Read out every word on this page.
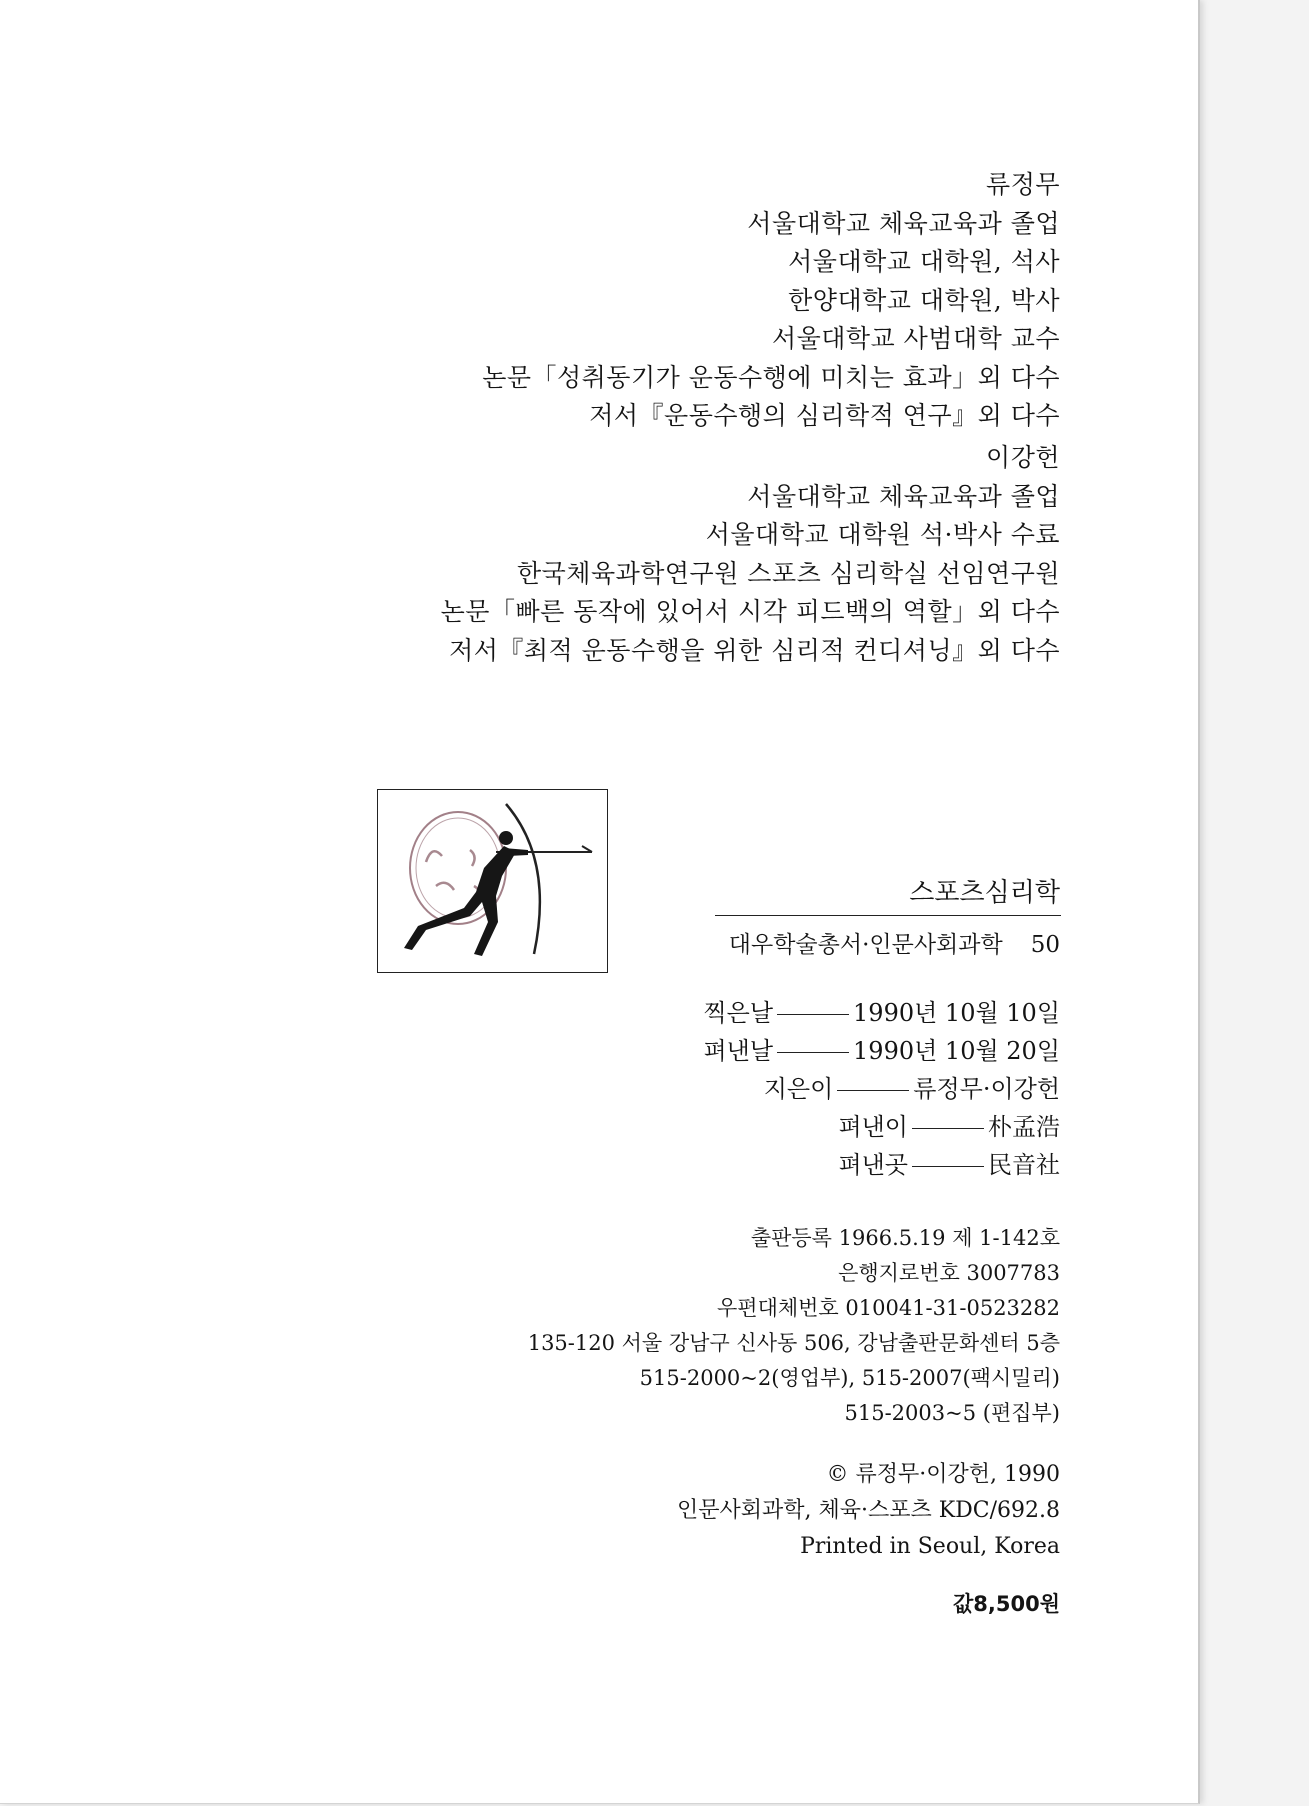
류정무
서울대학교 체육교육과 졸업
서울대학교 대학원, 석사
한양대학교 대학원, 박사
서울대학교 사범대학 교수
논문「성취동기가 운동수행에 미치는 효과」외 다수
저서『운동수행의 심리학적 연구』외 다수
이강헌
서울대학교 체육교육과 졸업
서울대학교 대학원 석·박사 수료
한국체육과학연구원 스포츠 심리학실 선임연구원
논문「빠른 동작에 있어서 시각 피드백의 역할」외 다수
저서『최적 운동수행을 위한 심리적 컨디셔닝』외 다수
스포츠심리학
대우학술총서·인문사회과학 50
찍은날	1990년 10월 10일
펴낸날	1990년 10월 20일
지은이	류정무·이강헌
펴낸이	朴孟浩
펴낸곳	民音社
출판등록 1966.5.19 제 1-142호
은행지로번호 3007783
우편대체번호 010041-31-0523282
135-120 서울 강남구 신사동 506, 강남출판문화센터 5층
515-2000~2(영업부), 515-2007(팩시밀리)
515-2003~5 (편집부)
© 류정무·이강헌, 1990
인문사회과학, 체육·스포츠 KDC/692.8
Printed in Seoul, Korea
값8,500원
